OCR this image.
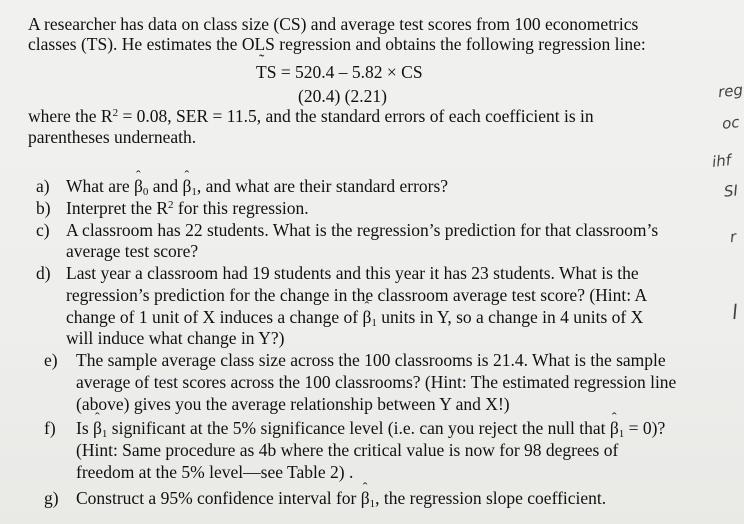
A researcher has data on class size (CS) and average test scores from 100 econometrics
classes (TS). He estimates the OLS regression and obtains the following regression line:
˜ TS = 520.4 – 5.82 × CS
(20.4) (2.21)
where the $R^2 = 0.08$, SER = 11.5, and the standard errors of each coefficient is in
parentheses underneath.
a) What are ˆ $\beta_0$ and ˆ $\beta_1$, and what are their standard errors?
b) Interpret the $R^2$ for this regression.
c) A classroom has 22 students. What is the regression’s prediction for that classroom’s
average test score?
d) Last year a classroom had 19 students and this year it has 23 students. What is the
regression’s prediction for the change in the classroom average test score? (Hint: A
change of 1 unit of X induces a change of ˆ $\beta_1$ units in Y, so a change in 4 units of X
will induce what change in Y?)
e) The sample average class size across the 100 classrooms is 21.4. What is the sample
average of test scores across the 100 classrooms? (Hint: The estimated regression line
(above) gives you the average relationship between Y and X!)
f) Is ˆ $\beta_1$ significant at the 5% significance level (i.e. can you reject the null that ˆ $\beta_1 = 0$)?
(Hint: Same procedure as 4b where the critical value is now for 98 degrees of
freedom at the 5% level—see Table 2) .
g) Construct a 95% confidence interval for ˆ $\beta_1$, the regression slope coefficient.
reg
oc
ihf
SI
r
l
